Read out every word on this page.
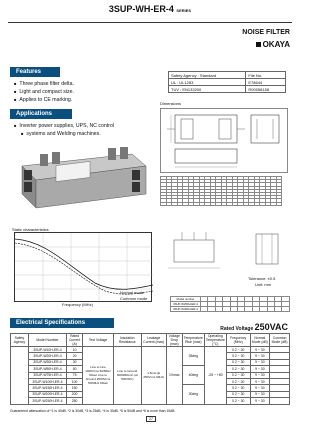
3SUP-WH-ER-4 SERIES
NOISE FILTER
OKAYA
Features
■ Three phase filter delta.
■ Light and compact size.
■ Applies to CE marking.
Applications
■ Inverter power supplies, UPS, NC control
■ systems and Welding machines.
Safety Agency : Standard	File No.
UL : UL1283	E78644
TUV : EN133200	R00058158
Dimensions

Static characteristics
Frequency (MHz)
Tolerance: ±0.5
Unit: mm
Normal mode
Common mode	Model number												
3SUP-W250H-ER-4												
3SUP-W300H-ER-4												
Electrical Specifications
Rated Voltage 250VAC
Safety Agency	Model Number	Rated Current (A)	Test Voltage	Insulation Resistance	Leakage Current (max)	Voltage Drop (max)	Temperature Rise (max)	Operating Temperature (°C)	Frequency (MHz)	Normal Mode (dB)	Common Mode (dB)
	3SUP-W10H-ER-4	10	Line to Line 1000Vrms 50/60Hz 60sec Line to Ground 2500Vrms 50/60Hz 60sec	Line to Ground 6000MΩmin (at 500VDC)	1.5mA (at 250Vrms 60Hz)	1Vmax	35deg	-25 ~ +80	0.2 ~ 30	9 ~ 30	
	3SUP-W20H-ER-4	20							0.2 ~ 30	9 ~ 30	
	3SUP-W30H-ER-4	30							0.2 ~ 30	9 ~ 30	
	3SUP-W50H-ER-4	50					40deg		0.2 ~ 30	9 ~ 30	
	3SUP-W75H-ER-4	75							0.2 ~ 30	9 ~ 30	
	3SUP-W100H-ER-4	100							0.2 ~ 30	9 ~ 30	
	3SUP-W150H-ER-4	150					30deg		0.2 ~ 30	9 ~ 30	
	3SUP-W200H-ER-4	200							0.2 ~ 30	9 ~ 30	
	3SUP-W250H-ER-4	250							0.2 ~ 30	9 ~ 30	
Guaranteed attenuation of *1 is 40dB, *2 is 30dB, *3 is 25dB, *4 is 30dB, *5 is 50dB and *6 is more than 15dB.
27
